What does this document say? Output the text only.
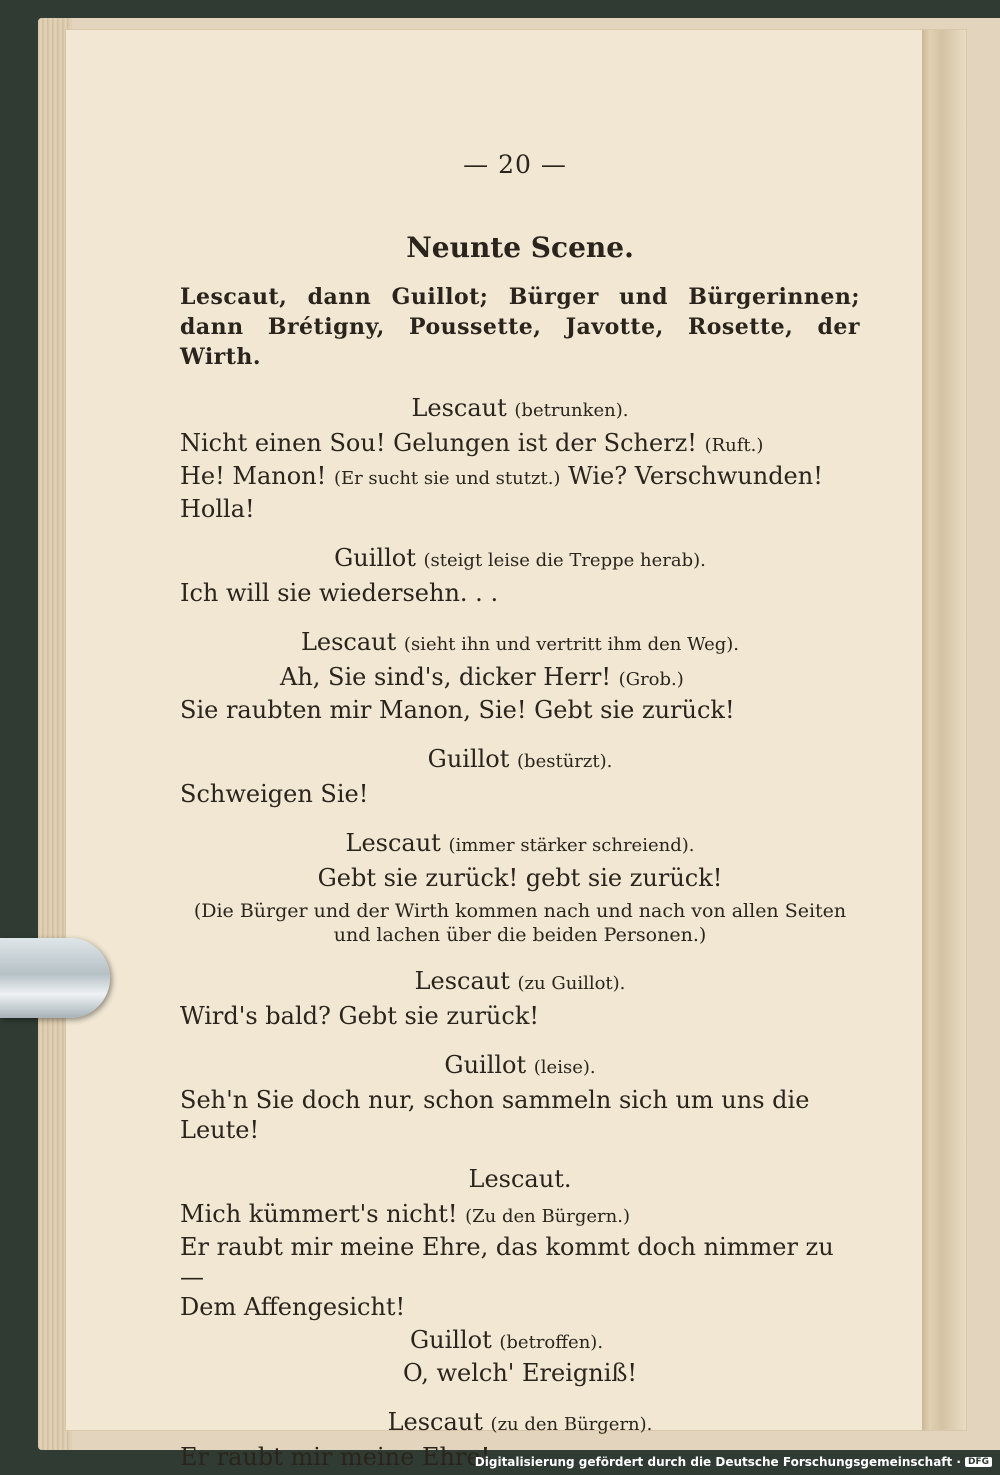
— 20 —
Neunte Scene.
Lescaut, dann Guillot; Bürger und Bürgerinnen; dann Brétigny, Poussette, Javotte, Rosette, der Wirth.
Lescaut (betrunken).
Nicht einen Sou! Gelungen ist der Scherz! (Ruft.)
He! Manon! (Er sucht sie und stutzt.) Wie? Verschwunden! Holla!
Guillot (steigt leise die Treppe herab).
Ich will sie wiedersehn. . .
Lescaut (sieht ihn und vertritt ihm den Weg).
Ah, Sie sind's, dicker Herr! (Grob.)
Sie raubten mir Manon, Sie! Gebt sie zurück!
Guillot (bestürzt).
Schweigen Sie!
Lescaut (immer stärker schreiend).
Gebt sie zurück! gebt sie zurück!
(Die Bürger und der Wirth kommen nach und nach von allen Seiten und lachen über die beiden Personen.)
Lescaut (zu Guillot).
Wird's bald? Gebt sie zurück!
Guillot (leise).
Seh'n Sie doch nur, schon sammeln sich um uns die Leute!
Lescaut.
Mich kümmert's nicht! (Zu den Bürgern.)
Er raubt mir meine Ehre, das kommt doch nimmer zu —
Dem Affengesicht!
Guillot (betroffen).
O, welch' Ereigniß!
Lescaut (zu den Bürgern).
Er raubt mir meine Ehre!
Digitalisierung gefördert durch die Deutsche Forschungsgemeinschaft · DFG
